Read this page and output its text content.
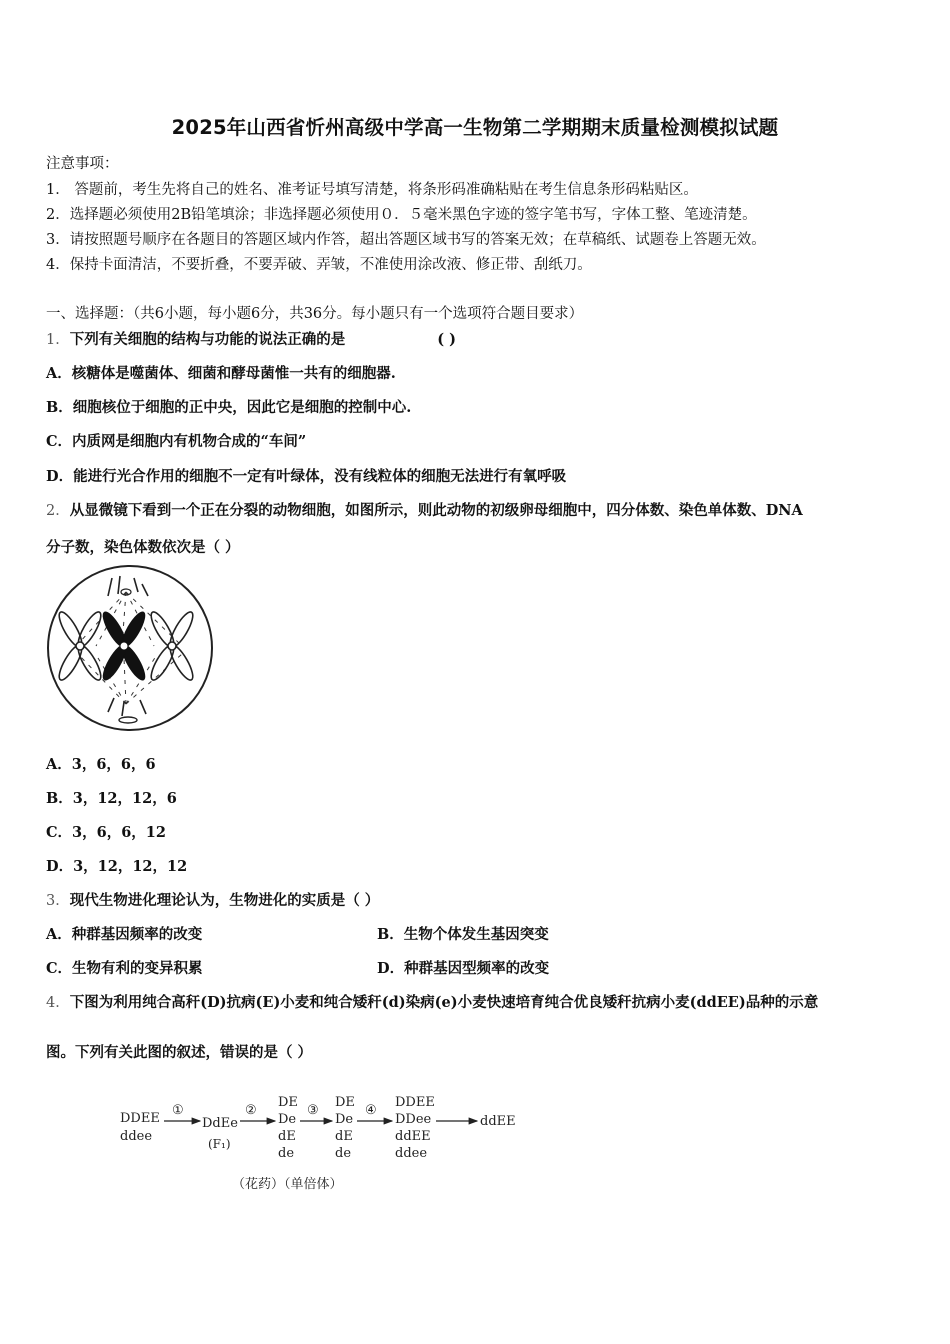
2025年山西省忻州高级中学高一生物第二学期期末质量检测模拟试题
注意事项：
1． 答题前，考生先将自己的姓名、准考证号填写清楚，将条形码准确粘贴在考生信息条形码粘贴区。
2．选择题必须使用2B铅笔填涂；非选择题必须使用０．５毫米黑色字迹的签字笔书写，字体工整、笔迹清楚。
3．请按照题号顺序在各题目的答题区域内作答，超出答题区域书写的答案无效；在草稿纸、试题卷上答题无效。
4．保持卡面清洁，不要折叠，不要弄破、弄皱，不准使用涂改液、修正带、刮纸刀。
一、选择题：（共6小题，每小题6分，共36分。每小题只有一个选项符合题目要求）
1．下列有关细胞的结构与功能的说法正确的是	( )
A．核糖体是噬菌体、细菌和酵母菌惟一共有的细胞器.
B．细胞核位于细胞的正中央，因此它是细胞的控制中心.
C．内质网是细胞内有机物合成的“车间”
D．能进行光合作用的细胞不一定有叶绿体，没有线粒体的细胞无法进行有氧呼吸
2．从显微镜下看到一个正在分裂的动物细胞，如图所示，则此动物的初级卵母细胞中，四分体数、染色单体数、DNA
分子数，染色体数依次是（ ）
A．3，6，6，6
B．3，12，12，6
C．3，6，6，12
D．3，12，12，12
3．现代生物进化理论认为，生物进化的实质是（ ）
A．种群基因频率的改变	B．生物个体发生基因突变
C．生物有利的变异积累	D．种群基因型频率的改变
4．下图为利用纯合高秆(D)抗病(E)小麦和纯合矮秆(d)染病(e)小麦快速培育纯合优良矮秆抗病小麦(ddEE)品种的示意
图。下列有关此图的叙述，错误的是（ ）
DDEE
ddee
①
DdEe
(F₁)
②
DE
De
dE
de
③
DE
De
dE
de
④
DDEE
DDee
ddEE
ddee
ddEE
（花药）（单倍体）
